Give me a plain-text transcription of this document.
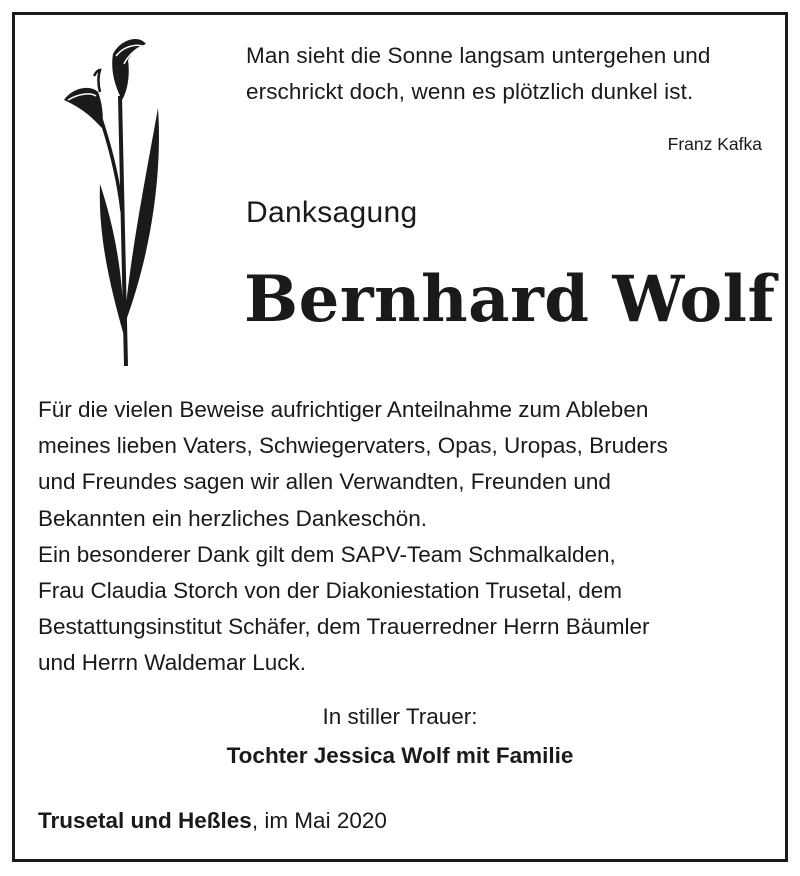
Man sieht die Sonne langsam untergehen und

erschrickt doch, wenn es plötzlich dunkel ist.

Franz Kafka
Danksagung
Bernhard Wolf

Für die vielen Beweise aufrichtiger Anteilnahme zum Ableben

meines lieben Vaters, Schwiegervaters, Opas, Uropas, Bruders

und Freundes sagen wir allen Verwandten, Freunden und

Bekannten ein herzliches Dankeschön.

Ein besonderer Dank gilt dem SAPV-Team Schmalkalden,

Frau Claudia Storch von der Diakoniestation Trusetal, dem

Bestattungsinstitut Schäfer, dem Trauerredner Herrn Bäumler

und Herrn Waldemar Luck.

In stiller Trauer:
Tochter Jessica Wolf mit Familie
Trusetal und Heßles, im Mai 2020
